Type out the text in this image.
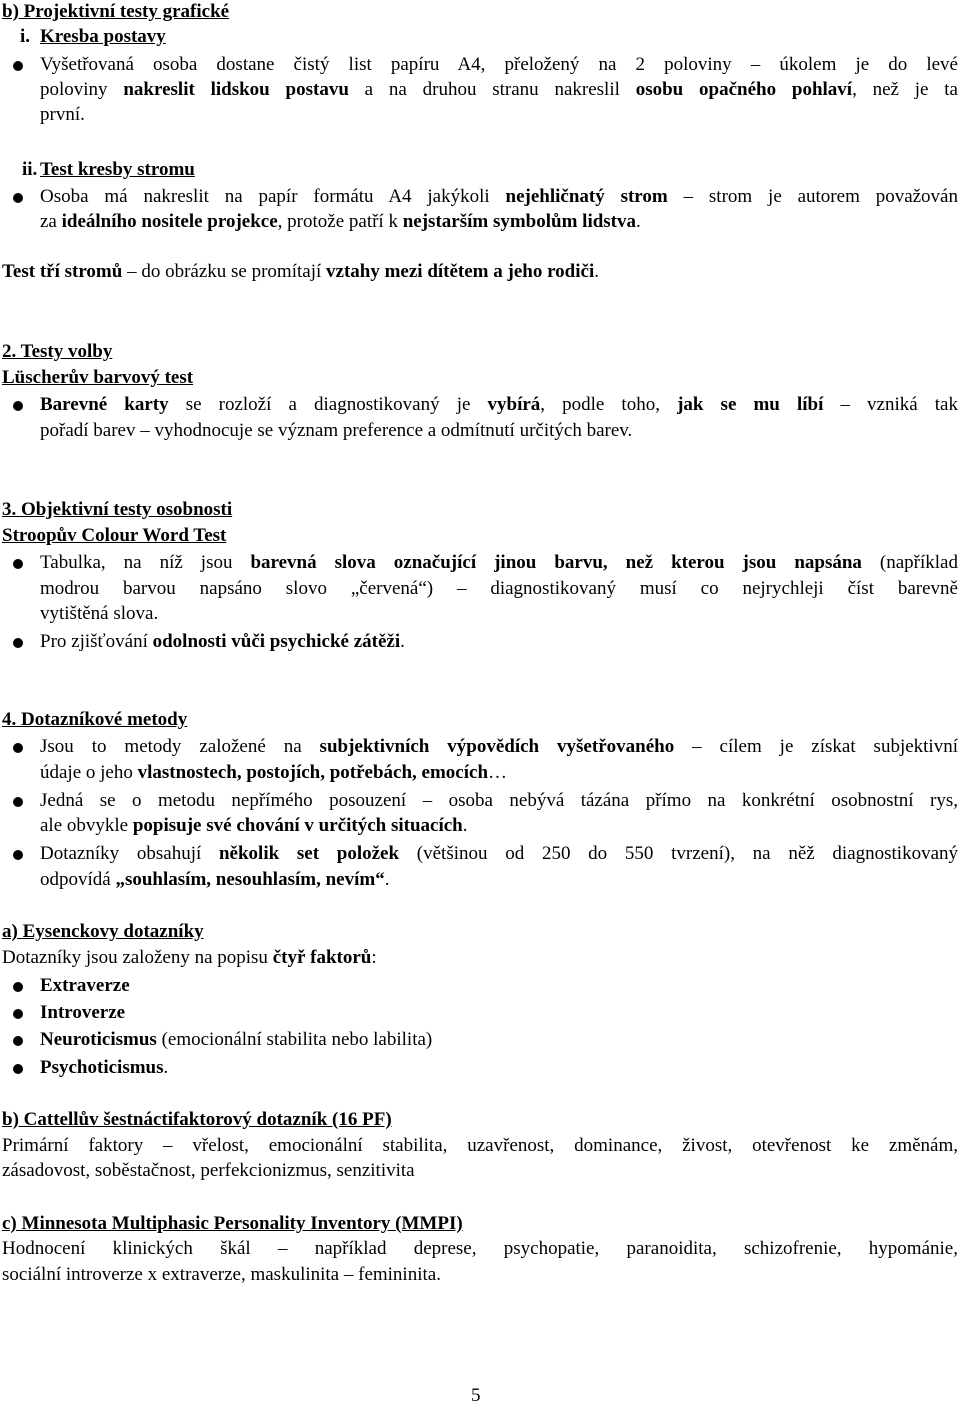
b) Projektivní testy grafické
i. Kresba postavy
Vyšetřovaná osoba dostane čistý list papíru A4, přeložený na 2 poloviny – úkolem je do levé
poloviny nakreslit lidskou postavu a na druhou stranu nakreslil osobu opačného pohlaví, než je ta
první.
ii. Test kresby stromu
Osoba má nakreslit na papír formátu A4 jakýkoli nejehličnatý strom – strom je autorem považován
za ideálního nositele projekce, protože patří k nejstarším symbolům lidstva.
Test tří stromů – do obrázku se promítají vztahy mezi dítětem a jeho rodiči.
2. Testy volby
Lüscherův barvový test
Barevné karty se rozloží a diagnostikovaný je vybírá, podle toho, jak se mu líbí – vzniká tak
pořadí barev – vyhodnocuje se význam preference a odmítnutí určitých barev.
3. Objektivní testy osobnosti
Stroopův Colour Word Test
Tabulka, na níž jsou barevná slova označující jinou barvu, než kterou jsou napsána (například
modrou barvou napsáno slovo „červená“) – diagnostikovaný musí co nejrychleji číst barevně
vytištěná slova.
Pro zjišťování odolnosti vůči psychické zátěži.
4. Dotazníkové metody
Jsou to metody založené na subjektivních výpovědích vyšetřovaného – cílem je získat subjektivní
údaje o jeho vlastnostech, postojích, potřebách, emocích…
Jedná se o metodu nepřímého posouzení – osoba nebývá tázána přímo na konkrétní osobnostní rys,
ale obvykle popisuje své chování v určitých situacích.
Dotazníky obsahují několik set položek (většinou od 250 do 550 tvrzení), na něž diagnostikovaný
odpovídá „souhlasím, nesouhlasím, nevím“.
a) Eysenckovy dotazníky
Dotazníky jsou založeny na popisu čtyř faktorů:
Extraverze
Introverze
Neuroticismus (emocionální stabilita nebo labilita)
Psychoticismus.
b) Cattellův šestnáctifaktorový dotazník (16 PF)
Primární faktory – vřelost, emocionální stabilita, uzavřenost, dominance, živost, otevřenost ke změnám,
zásadovost, soběstačnost, perfekcionizmus, senzitivita
c) Minnesota Multiphasic Personality Inventory (MMPI)
Hodnocení klinických škál – například deprese, psychopatie, paranoidita, schizofrenie, hypománie,
sociální introverze x extraverze, maskulinita – femininita.
5
